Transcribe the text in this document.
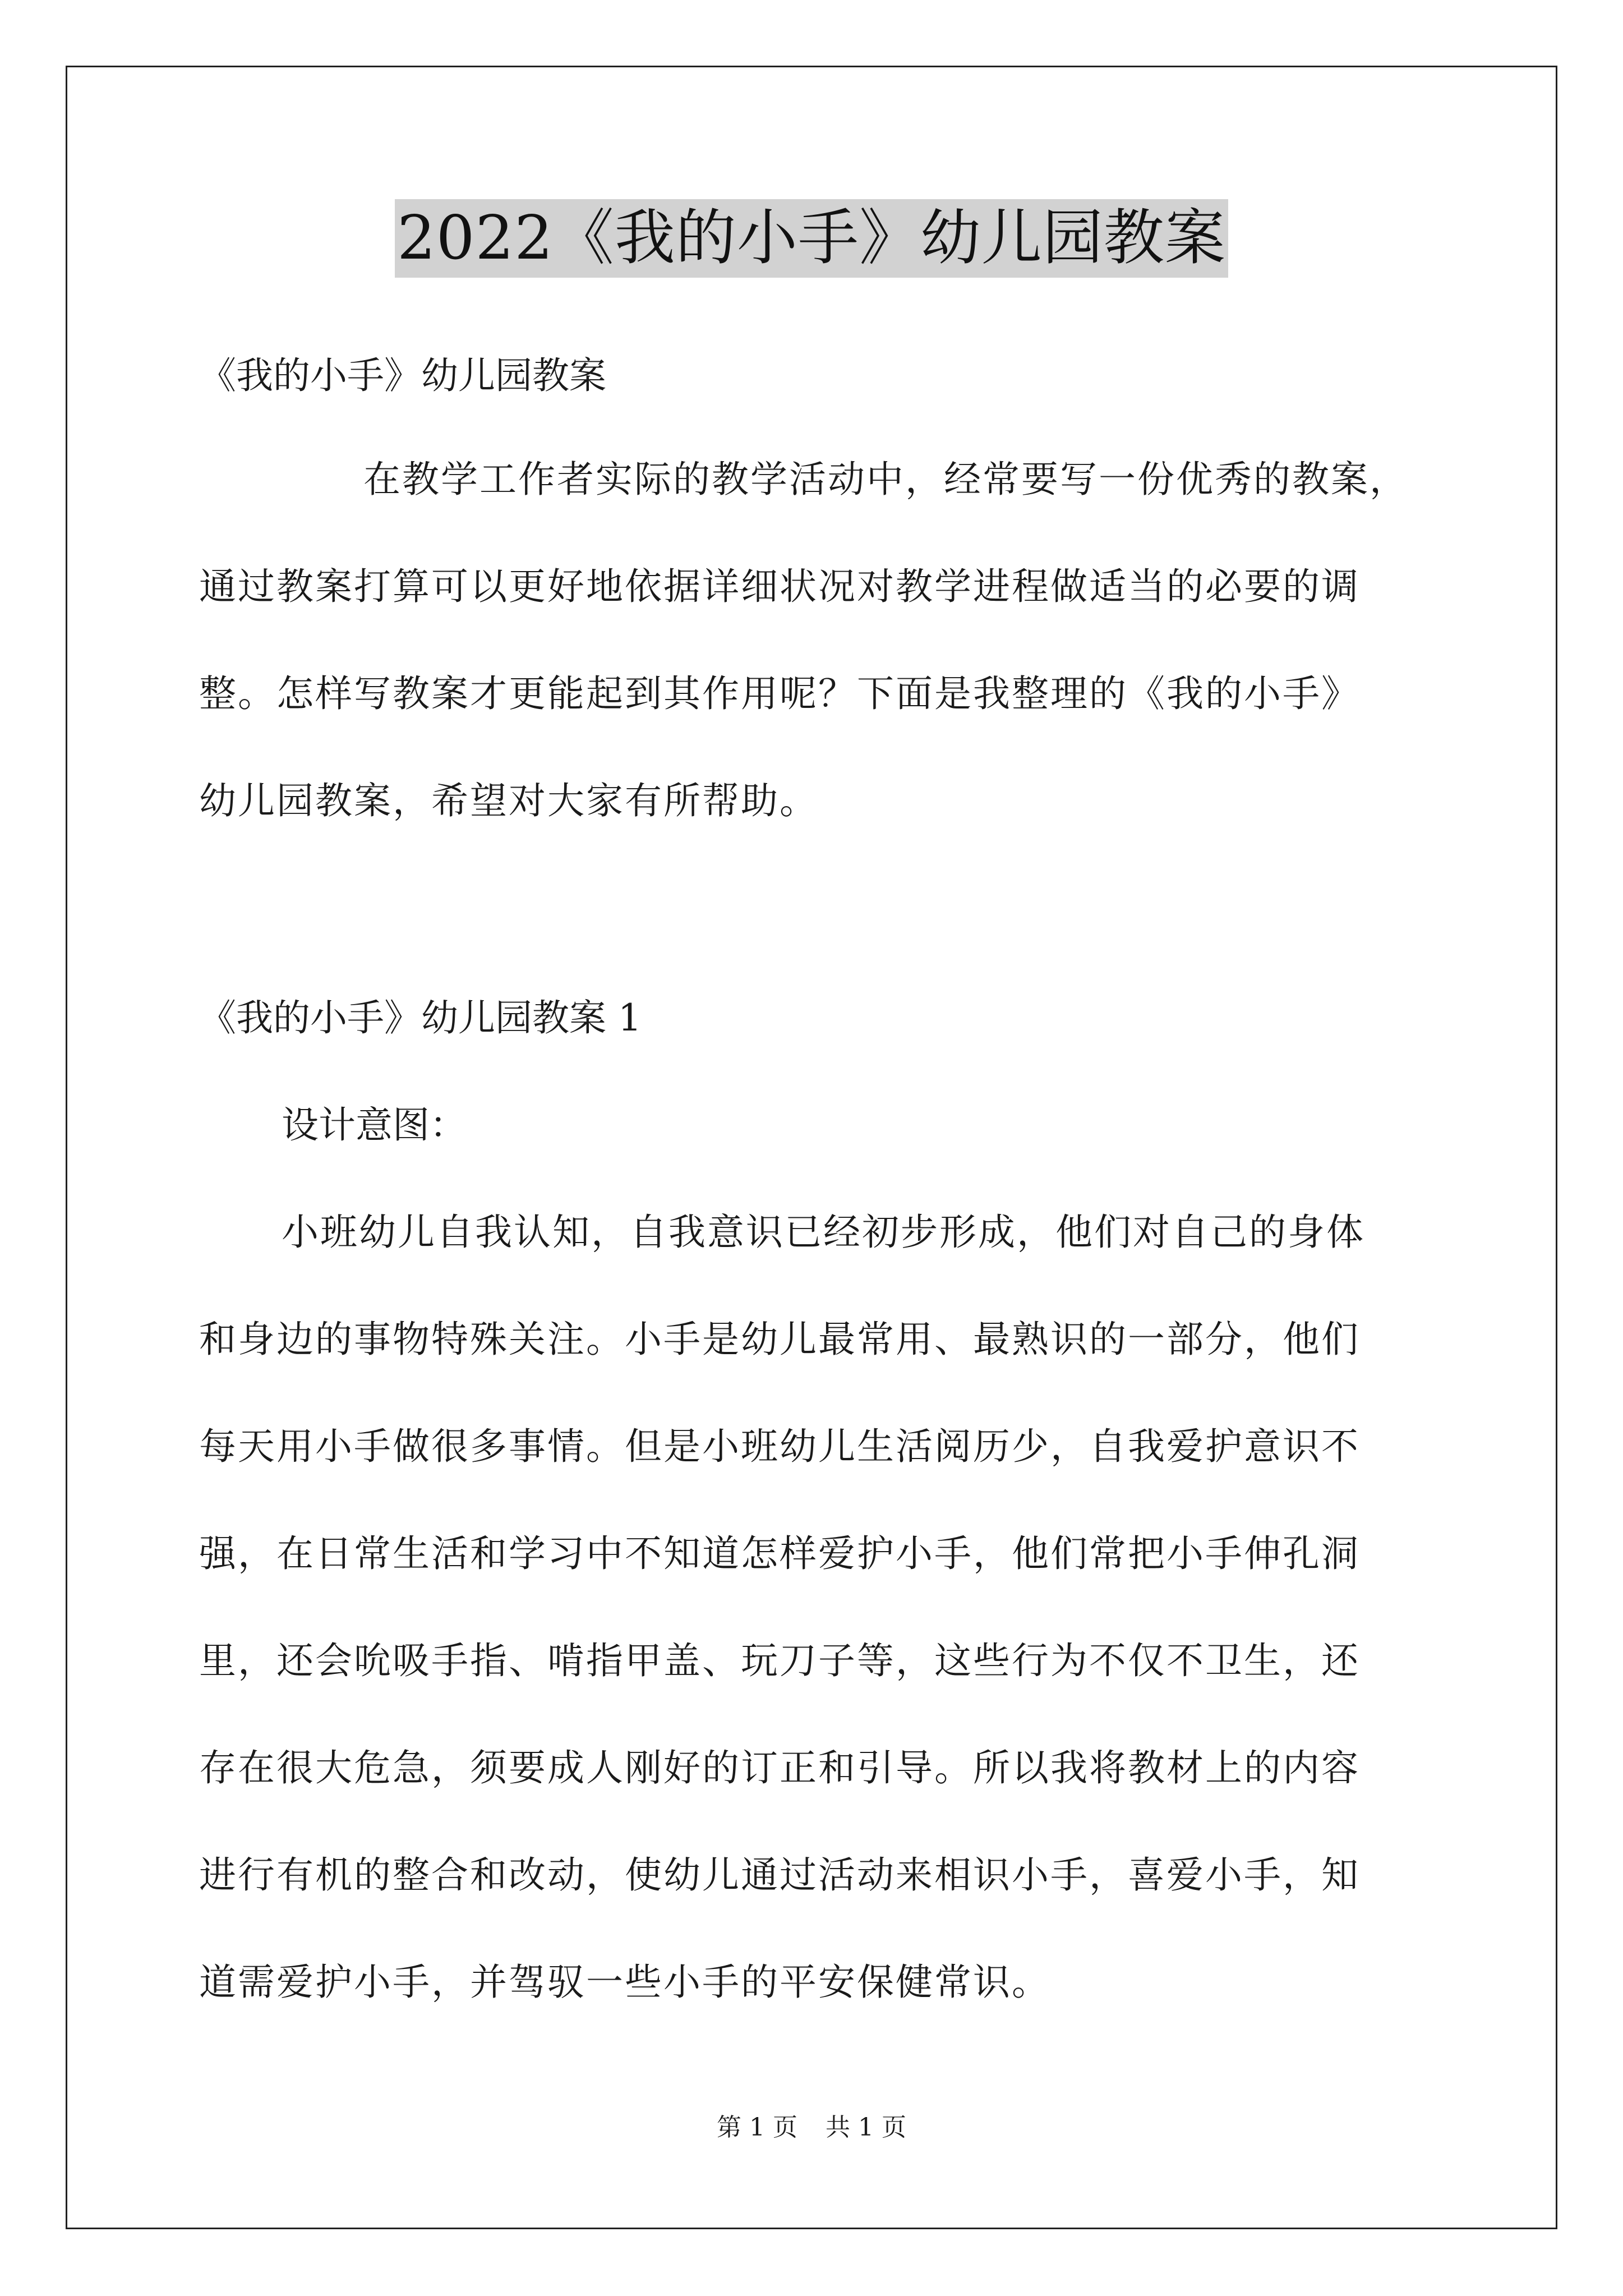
2022《我的小手》幼儿园教案
《我的小手》幼儿园教案
在教学工作者实际的教学活动中，经常要写一份优秀的教案，
通过教案打算可以更好地依据详细状况对教学进程做适当的必要的调
整。怎样写教案才更能起到其作用呢？下面是我整理的《我的小手》
幼儿园教案，希望对大家有所帮助。
《我的小手》幼儿园教案 1
设计意图：
小班幼儿自我认知，自我意识已经初步形成，他们对自己的身体
和身边的事物特殊关注。小手是幼儿最常用、最熟识的一部分，他们
每天用小手做很多事情。但是小班幼儿生活阅历少，自我爱护意识不
强，在日常生活和学习中不知道怎样爱护小手，他们常把小手伸孔洞
里，还会吮吸手指、啃指甲盖、玩刀子等，这些行为不仅不卫生，还
存在很大危急，须要成人刚好的订正和引导。所以我将教材上的内容
进行有机的整合和改动，使幼儿通过活动来相识小手，喜爱小手，知
道需爱护小手，并驾驭一些小手的平安保健常识。
第 1 页 共 1 页
